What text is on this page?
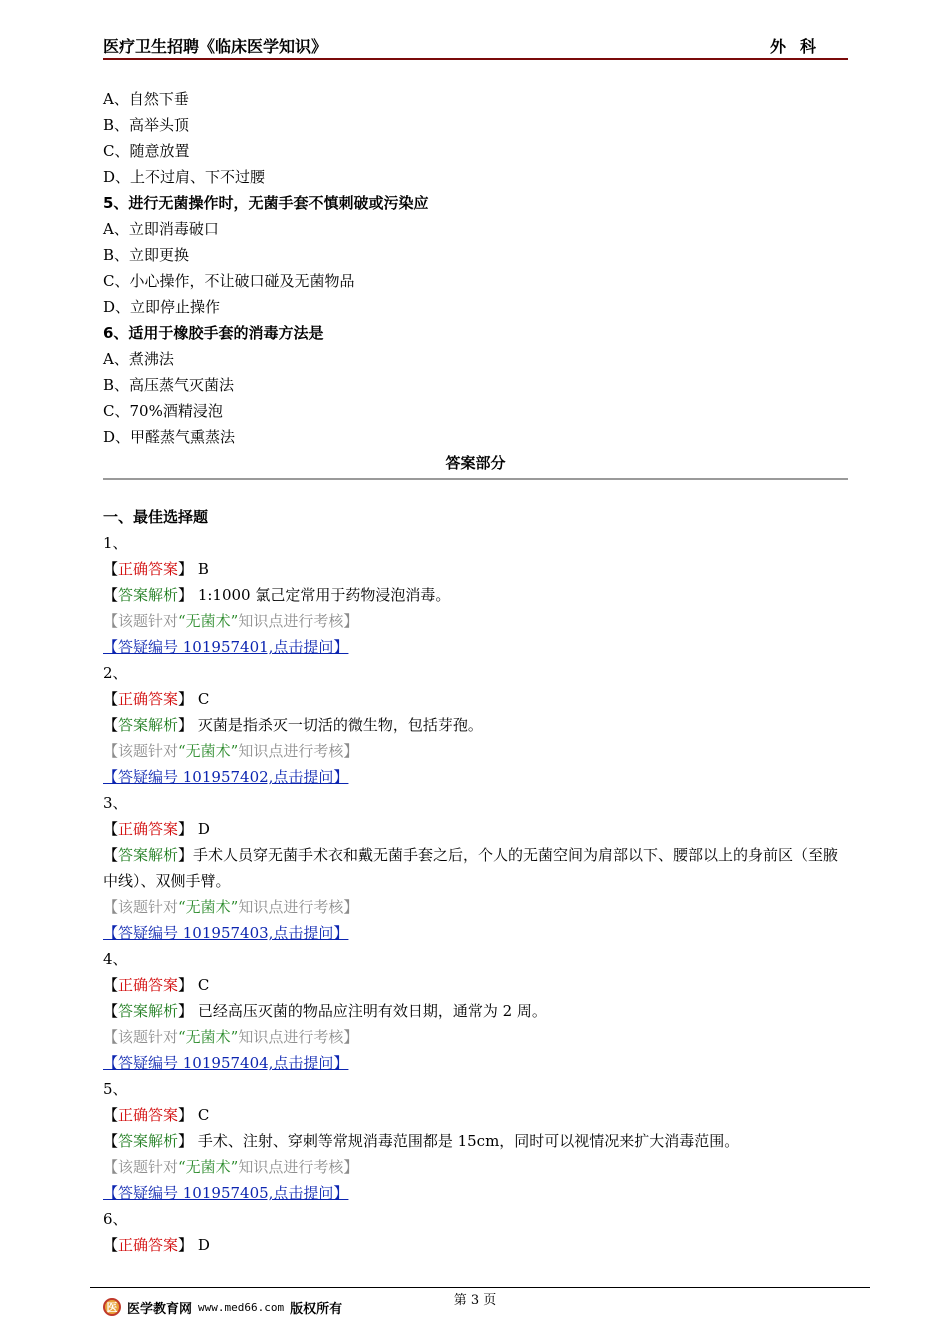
医疗卫生招聘《临床医学知识》	外科
A、自然下垂
B、高举头顶
C、随意放置
D、上不过肩、下不过腰
5、进行无菌操作时，无菌手套不慎刺破或污染应
A、立即消毒破口
B、立即更换
C、小心操作，不让破口碰及无菌物品
D、立即停止操作
6、适用于橡胶手套的消毒方法是
A、煮沸法
B、高压蒸气灭菌法
C、70%酒精浸泡
D、甲醛蒸气熏蒸法
答案部分
一、最佳选择题
1、
【正确答案】 B
【答案解析】 1:1000 氯己定常用于药物浸泡消毒。
【该题针对“无菌术”知识点进行考核】
【答疑编号 101957401,点击提问】
2、
【正确答案】 C
【答案解析】 灭菌是指杀灭一切活的微生物，包括芽孢。
【该题针对“无菌术”知识点进行考核】
【答疑编号 101957402,点击提问】
3、
【正确答案】 D
【答案解析】手术人员穿无菌手术衣和戴无菌手套之后，个人的无菌空间为肩部以下、腰部以上的身前区（至腋中线）、双侧手臂。
【该题针对“无菌术”知识点进行考核】
【答疑编号 101957403,点击提问】
4、
【正确答案】 C
【答案解析】 已经高压灭菌的物品应注明有效日期，通常为 2 周。
【该题针对“无菌术”知识点进行考核】
【答疑编号 101957404,点击提问】
5、
【正确答案】 C
【答案解析】 手术、注射、穿刺等常规消毒范围都是 15cm，同时可以视情况来扩大消毒范围。
【该题针对“无菌术”知识点进行考核】
【答疑编号 101957405,点击提问】
6、
【正确答案】 D
第 3 页
医 医学教育网 www.med66.com 版权所有
